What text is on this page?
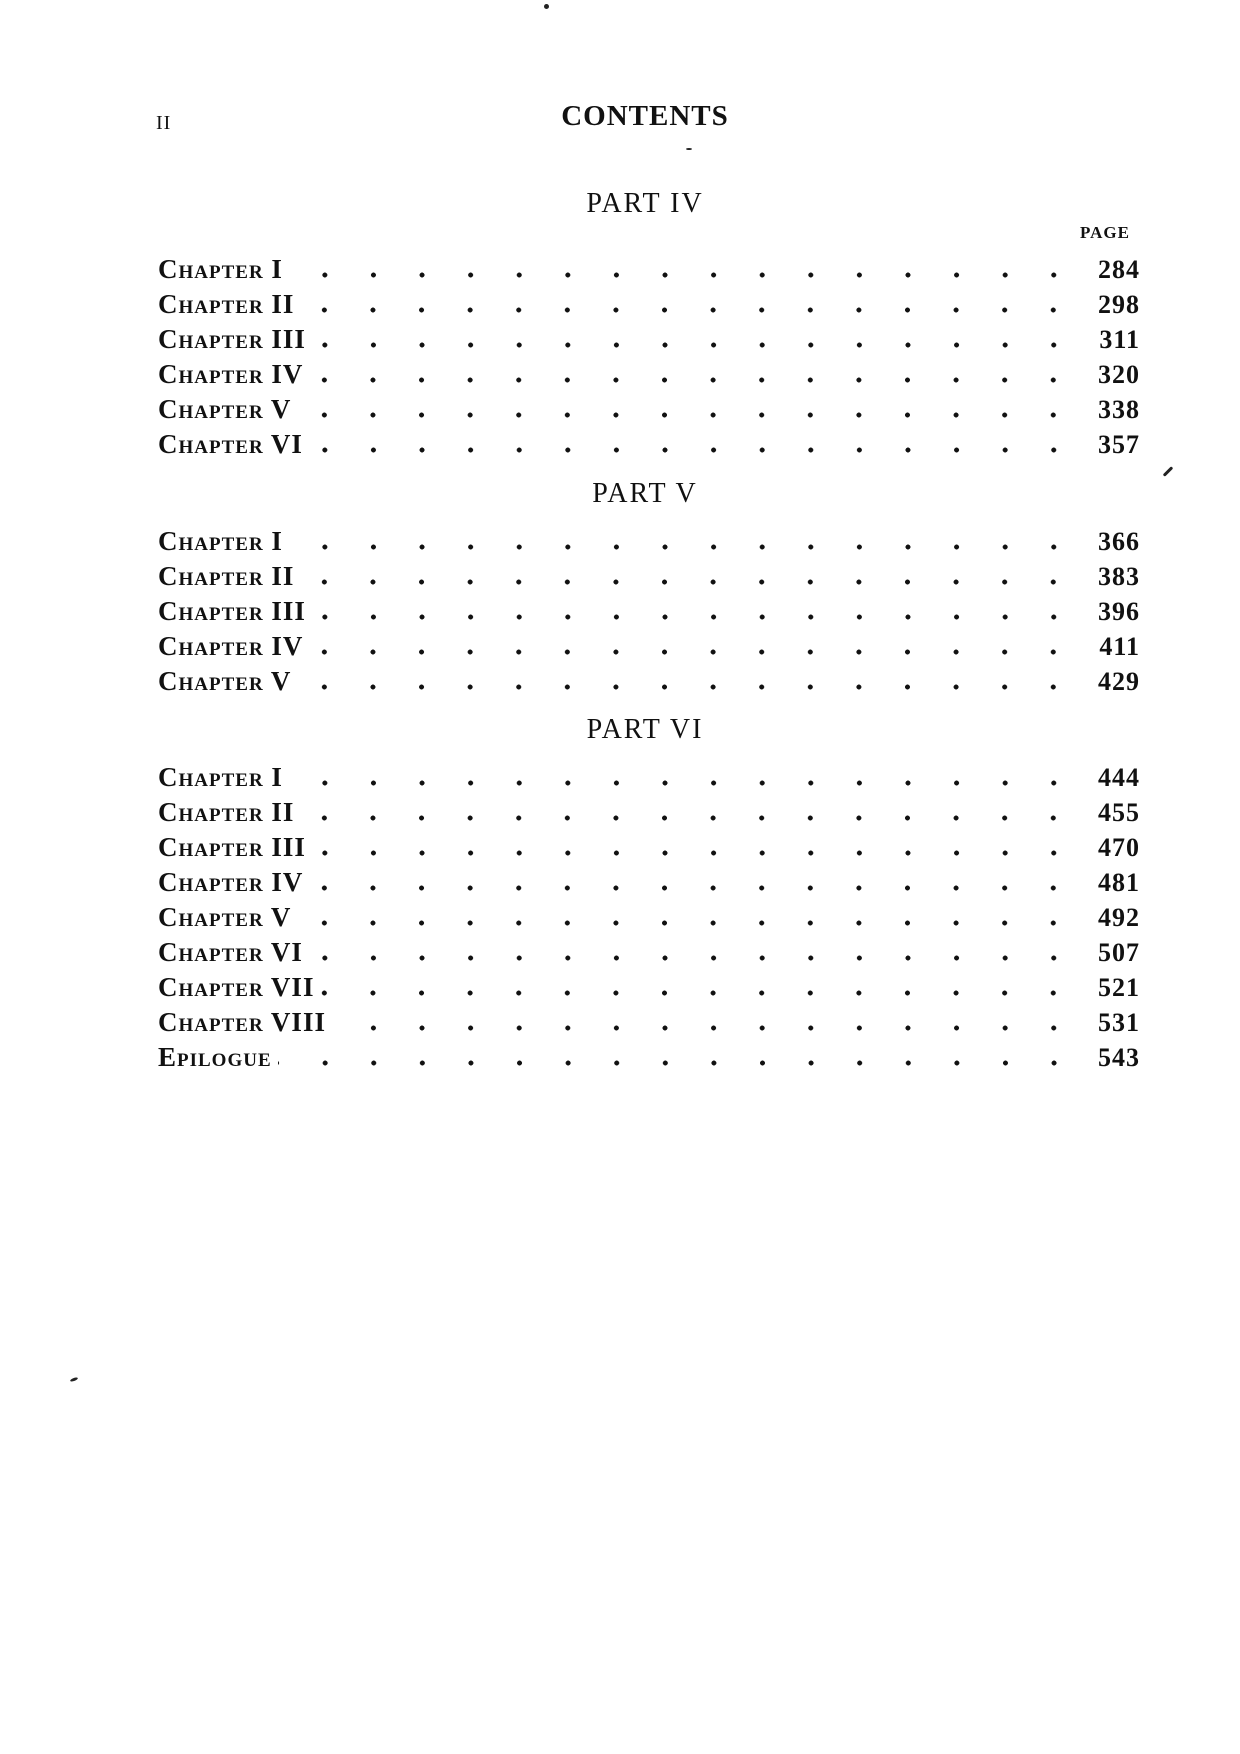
II	CONTENTS
PAGE
PART IV
Chapter I	284
Chapter II	298
Chapter III	311
Chapter IV	320
Chapter V	338
Chapter VI	357
PART V
Chapter I	366
Chapter II	383
Chapter III	396
Chapter IV	411
Chapter V	429
PART VI
Chapter I	444
Chapter II	455
Chapter III	470
Chapter IV	481
Chapter V	492
Chapter VI	507
Chapter VII	521
Chapter VIII	531
Epilogue	543
